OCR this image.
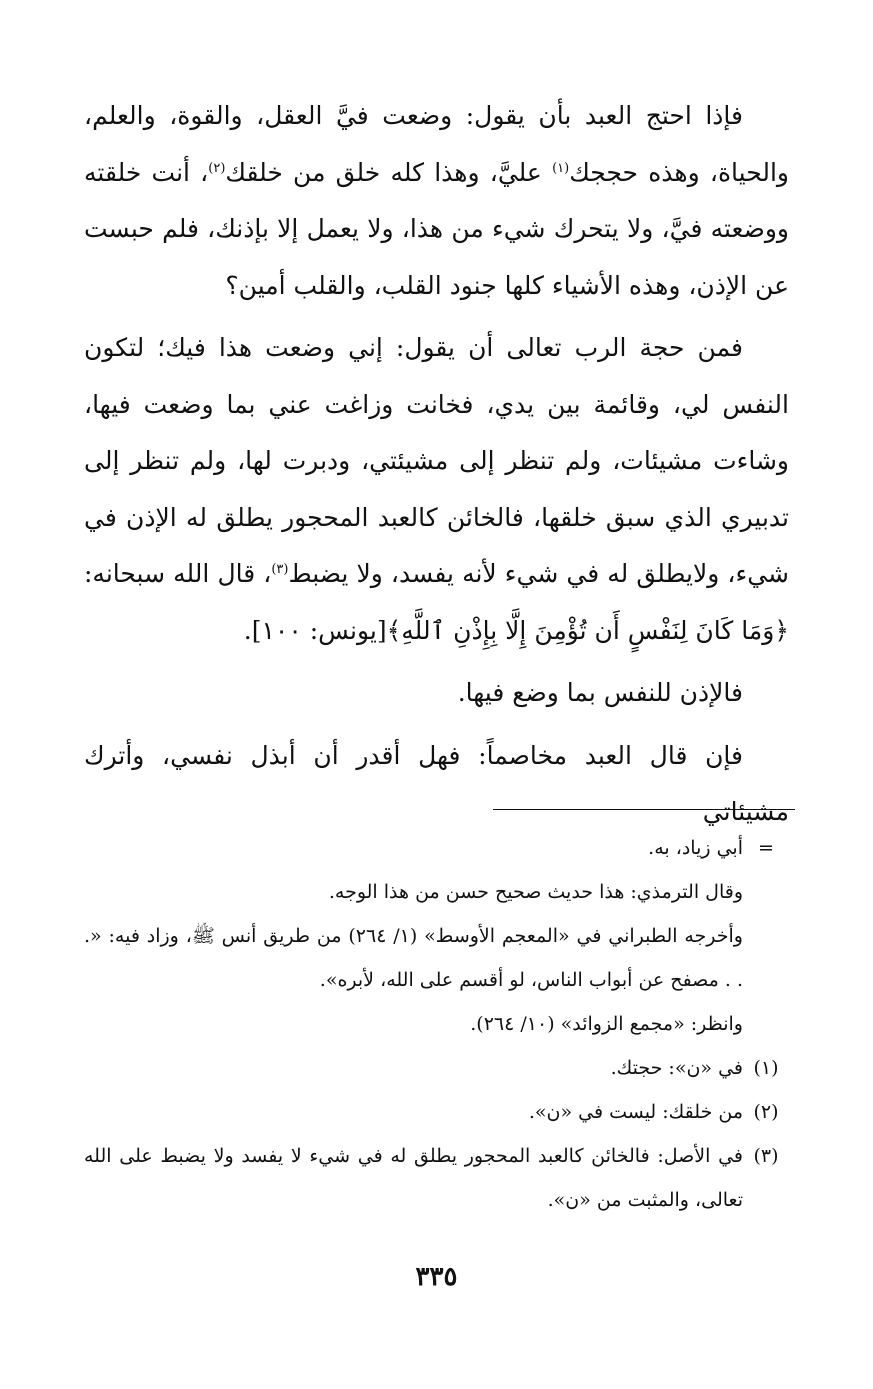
فإذا احتج العبد بأن يقول: وضعت فيَّ العقل، والقوة، والعلم، والحياة، وهذه حججك$^{(١)}$ عليَّ، وهذا كله خلق من خلقك$^{(٢)}$، أنت خلقته ووضعته فيَّ، ولا يتحرك شيء من هذا، ولا يعمل إلا بإذنك، فلم حبست عن الإذن، وهذه الأشياء كلها جنود القلب، والقلب أمين؟

فمن حجة الرب تعالى أن يقول: إني وضعت هذا فيك؛ لتكون النفس لي، وقائمة بين يدي، فخانت وزاغت عني بما وضعت فيها، وشاءت مشيئات، ولم تنظر إلى مشيئتي، ودبرت لها، ولم تنظر إلى تدبيري الذي سبق خلقها، فالخائن كالعبد المحجور يطلق له الإذن في شيء، ولايطلق له في شيء لأنه يفسد، ولا يضبط$^{(٣)}$، قال الله سبحانه: ﴿وَمَا كَانَ لِنَفْسٍ أَن تُؤْمِنَ إِلَّا بِإِذْنِ ٱللَّهِ﴾[يونس: ١٠٠].

فالإذن للنفس بما وضع فيها.

فإن قال العبد مخاصماً: فهل أقدر أن أبذل نفسي، وأترك مشيئاتي

=
أبي زياد، به.
وقال الترمذي: هذا حديث صحيح حسن من هذا الوجه.
وأخرجه الطبراني في «المعجم الأوسط» (١/ ٢٦٤) من طريق أنس ﷺ، وزاد فيه: «. . . مصفح عن أبواب الناس، لو أقسم على الله، لأبره».
وانظر: «مجمع الزوائد» (١٠/ ٢٦٤).
(١)
في «ن»: حجتك.
(٢)
من خلقك: ليست في «ن».
(٣)
في الأصل: فالخائن كالعبد المحجور يطلق له في شيء لا يفسد ولا يضبط على الله تعالى، والمثبت من «ن».
٣٣٥
